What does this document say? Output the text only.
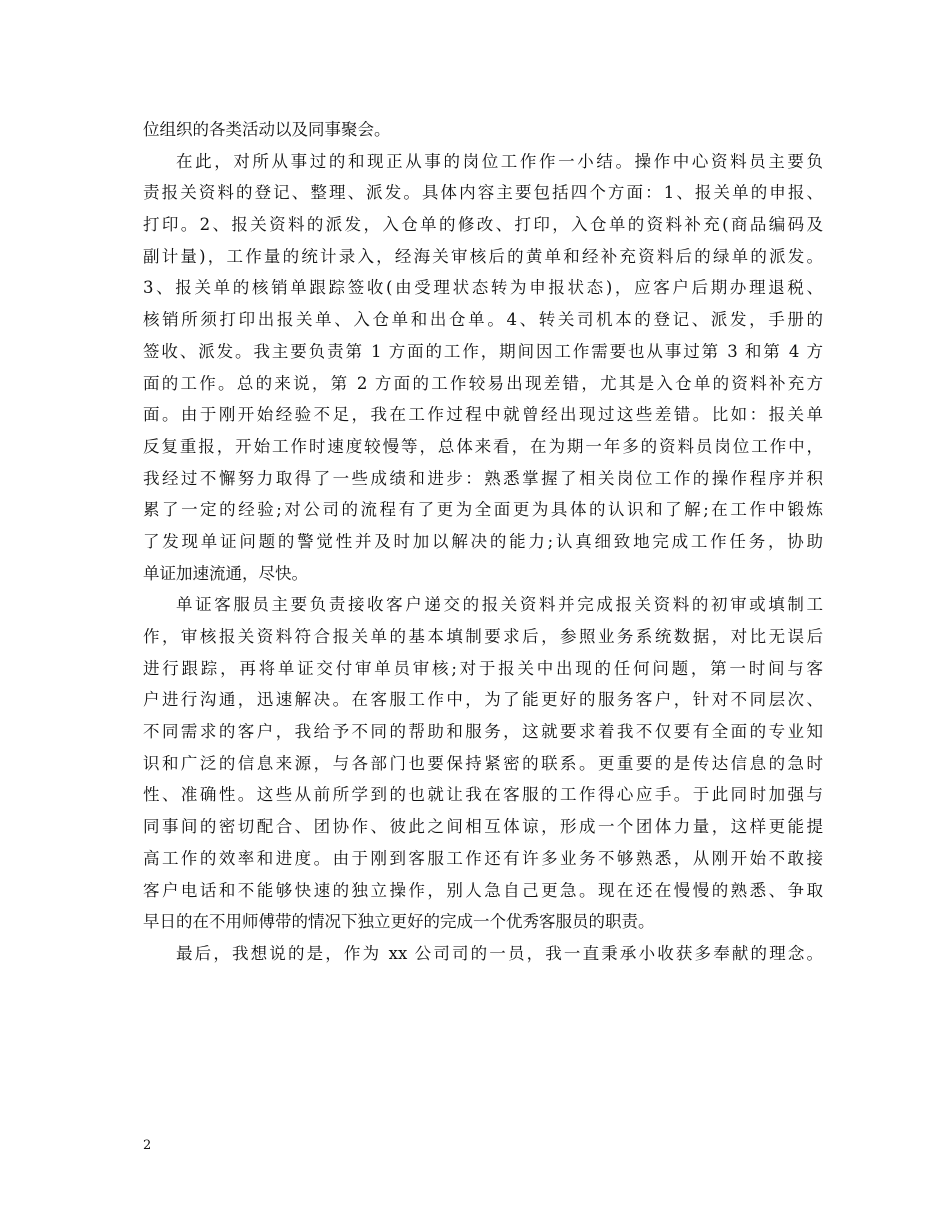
位组织的各类活动以及同事聚会。
在此，对所从事过的和现正从事的岗位工作作一小结。操作中心资料员主要负
责报关资料的登记、整理、派发。具体内容主要包括四个方面：1、报关单的申报、
打印。2、报关资料的派发，入仓单的修改、打印，入仓单的资料补充(商品编码及
副计量)，工作量的统计录入，经海关审核后的黄单和经补充资料后的绿单的派发。
3、报关单的核销单跟踪签收(由受理状态转为申报状态)，应客户后期办理退税、
核销所须打印出报关单、入仓单和出仓单。4、转关司机本的登记、派发，手册的
签收、派发。我主要负责第 1 方面的工作，期间因工作需要也从事过第 3 和第 4 方
面的工作。总的来说，第 2 方面的工作较易出现差错，尤其是入仓单的资料补充方
面。由于刚开始经验不足，我在工作过程中就曾经出现过这些差错。比如：报关单
反复重报，开始工作时速度较慢等，总体来看，在为期一年多的资料员岗位工作中，
我经过不懈努力取得了一些成绩和进步：熟悉掌握了相关岗位工作的操作程序并积
累了一定的经验;对公司的流程有了更为全面更为具体的认识和了解;在工作中锻炼
了发现单证问题的警觉性并及时加以解决的能力;认真细致地完成工作任务，协助
单证加速流通，尽快。
单证客服员主要负责接收客户递交的报关资料并完成报关资料的初审或填制工
作，审核报关资料符合报关单的基本填制要求后，参照业务系统数据，对比无误后
进行跟踪，再将单证交付审单员审核;对于报关中出现的任何问题，第一时间与客
户进行沟通，迅速解决。在客服工作中，为了能更好的服务客户，针对不同层次、
不同需求的客户，我给予不同的帮助和服务，这就要求着我不仅要有全面的专业知
识和广泛的信息来源，与各部门也要保持紧密的联系。更重要的是传达信息的急时
性、准确性。这些从前所学到的也就让我在客服的工作得心应手。于此同时加强与
同事间的密切配合、团协作、彼此之间相互体谅，形成一个团体力量，这样更能提
高工作的效率和进度。由于刚到客服工作还有许多业务不够熟悉，从刚开始不敢接
客户电话和不能够快速的独立操作，别人急自己更急。现在还在慢慢的熟悉、争取
早日的在不用师傅带的情况下独立更好的完成一个优秀客服员的职责。
最后，我想说的是，作为 xx 公司司的一员，我一直秉承小收获多奉献的理念。
2
